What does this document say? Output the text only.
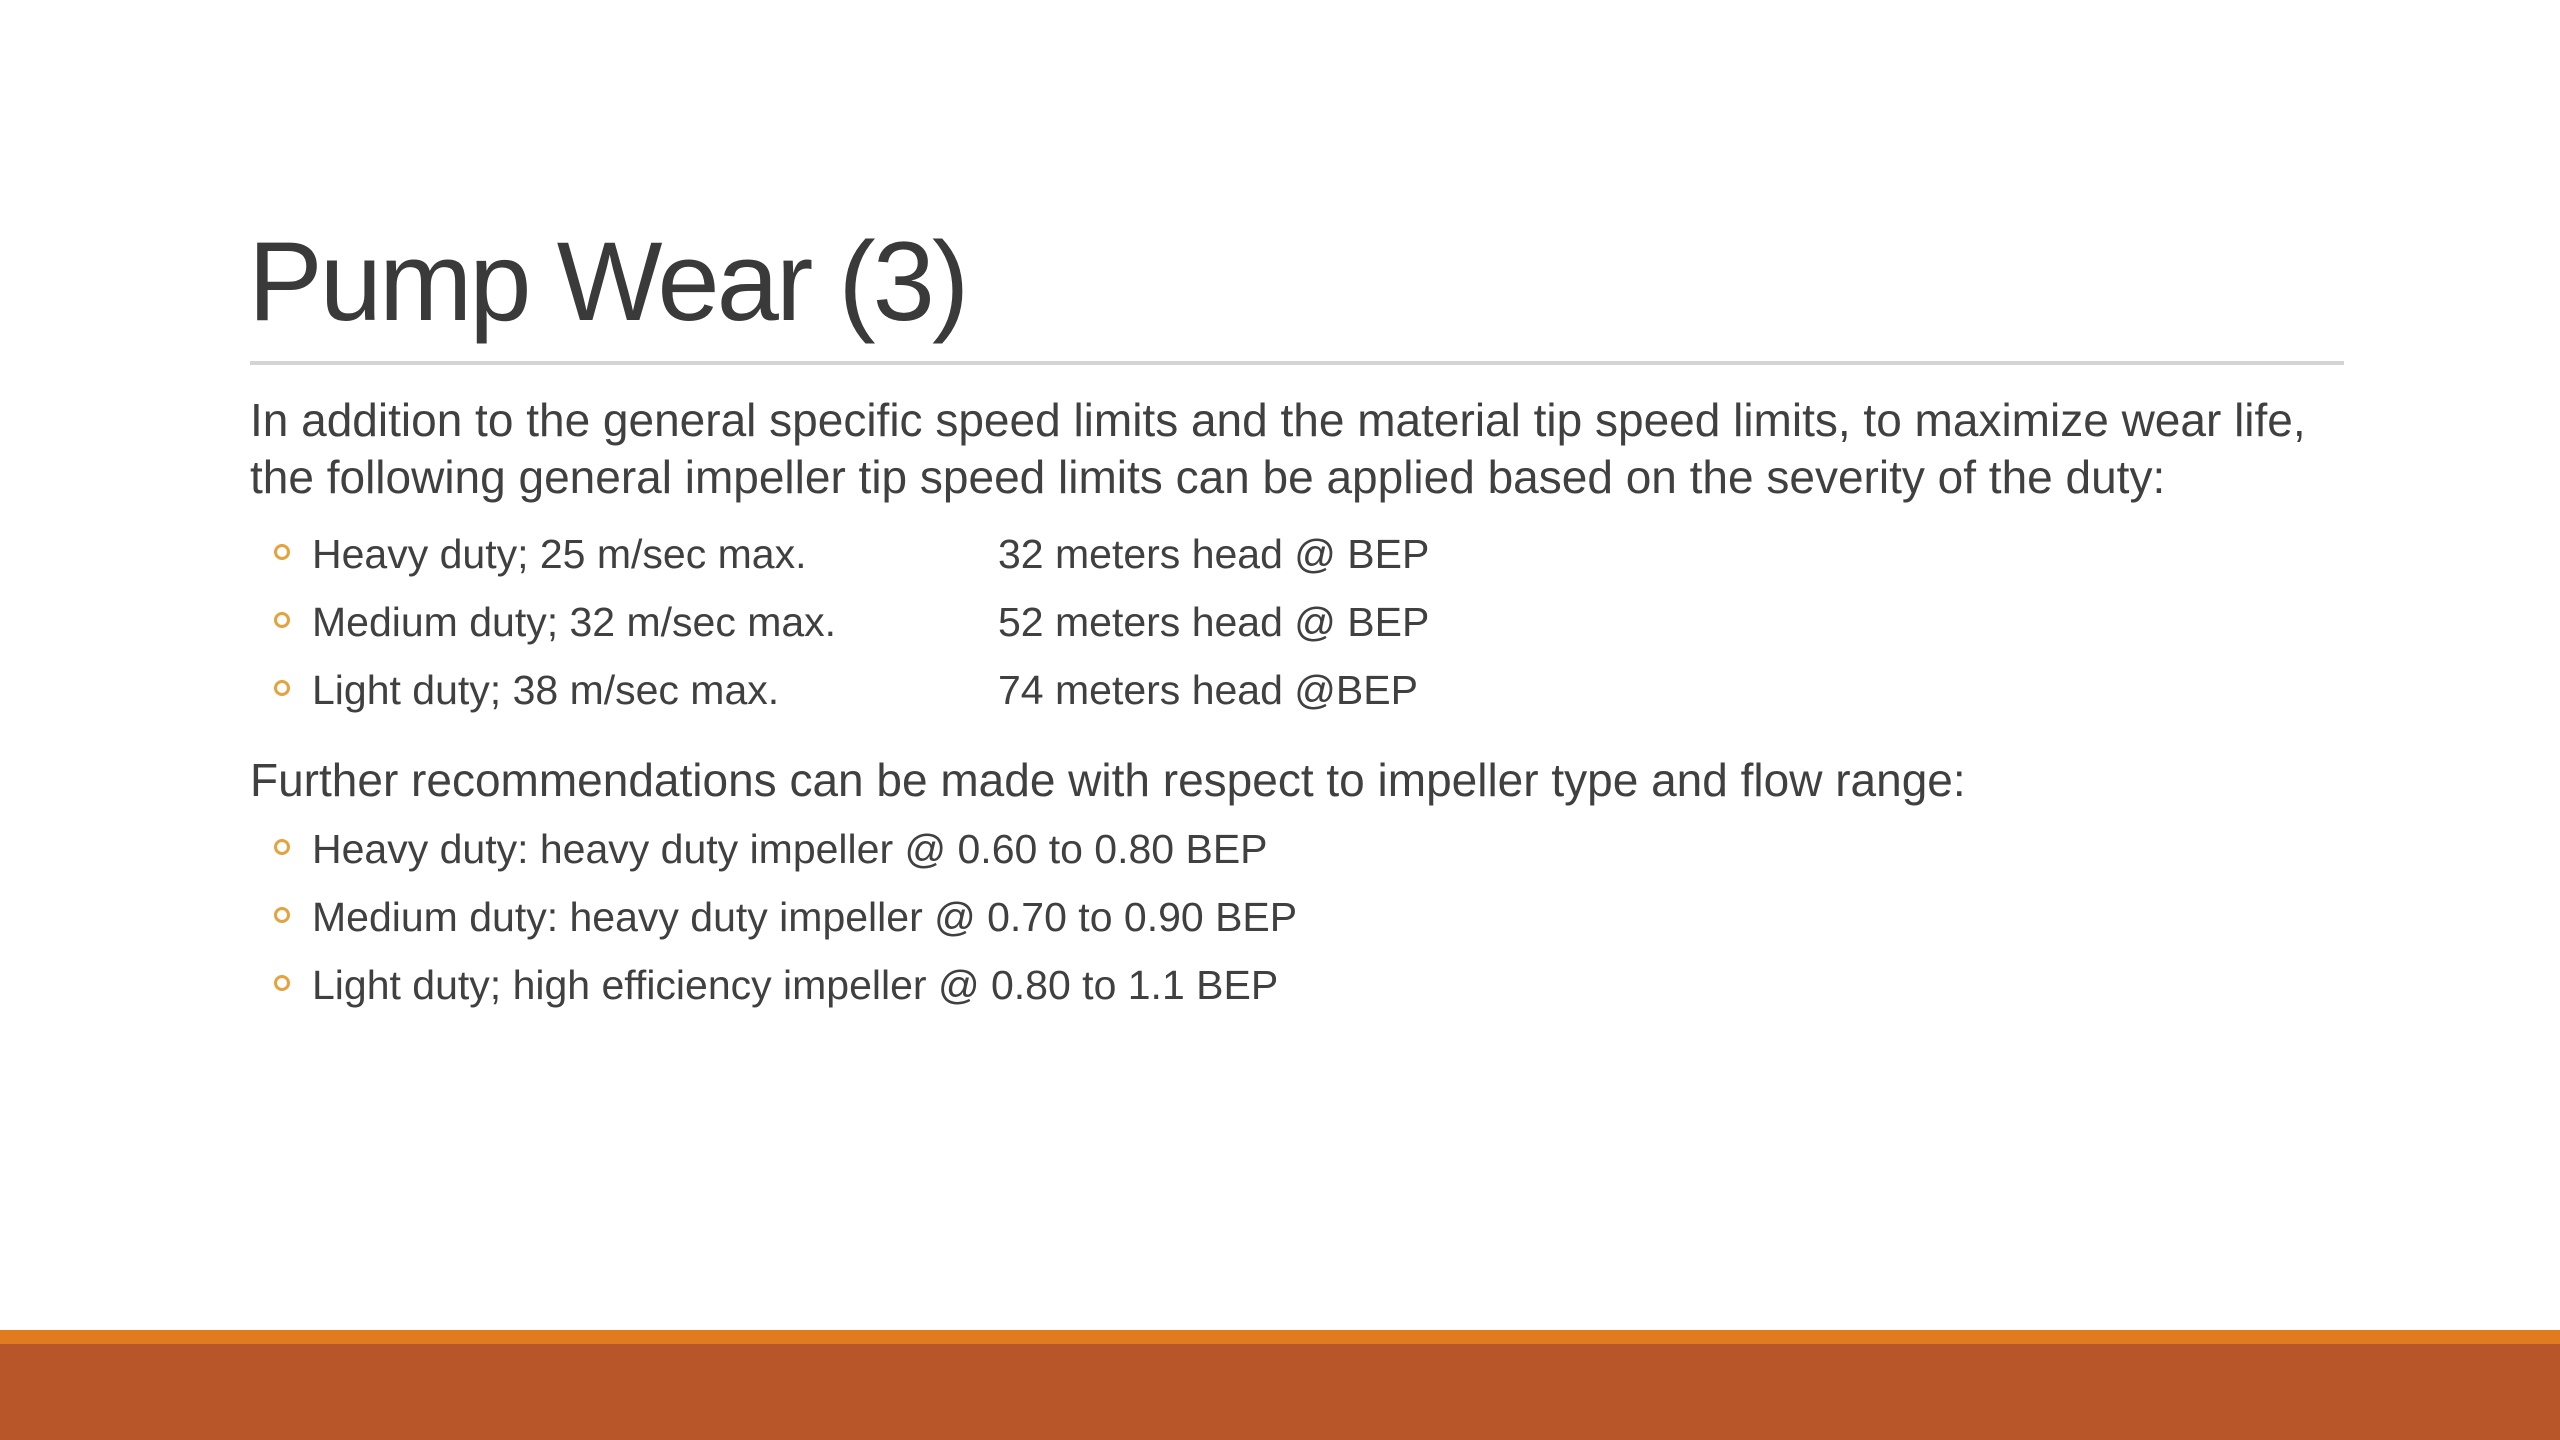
Pump Wear (3)

In addition to the general specific speed limits and the material tip speed limits, to maximize wear life, the following general impeller tip speed limits can be applied based on the severity of the duty:

Heavy duty; 25 m/sec max.	32 meters head @ BEP
Medium duty; 32 m/sec max.	52 meters head @ BEP
Light duty; 38 m/sec max.	74 meters head @BEP

Further recommendations can be made with respect to impeller type and flow range:

Heavy duty: heavy duty impeller @ 0.60 to 0.80 BEP
Medium duty: heavy duty impeller @ 0.70 to 0.90 BEP
Light duty; high efficiency impeller @ 0.80 to 1.1 BEP
